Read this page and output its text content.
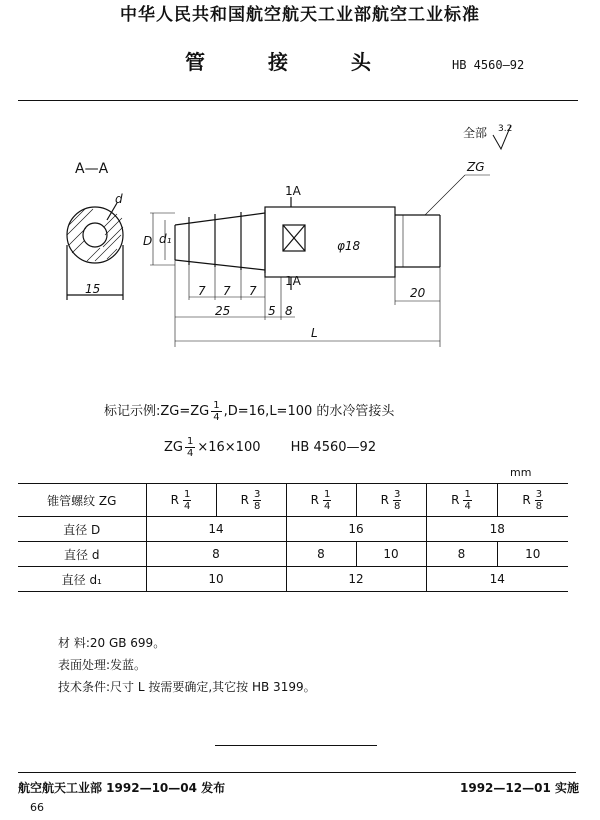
中华人民共和国航空航天工业部航空工业标准
管 接 头	HB 4560—92
A—A
全部 3.2
ZG
d
D d₁	φ18
1A
1A
15	7 7 7
25	5 8
L
20
标记示例:ZG=ZG $\frac{1}{4} ,D=16,L=100$ 的水冷管接头
ZG $\frac{1}{4} \times 16\times 100$ HB 4560—92
mm
锥管螺纹 ZG	R $\frac{1}{4}$	R $\frac{3}{8}$	R $\frac{1}{4}$	R $\frac{3}{8}$	R $\frac{1}{4}$	R $\frac{3}{8}$

直径 D	14		16		18	
直径 d	8		8	10	8	10
直径 d₁	10		12		14	
材 料:20 GB 699。
表面处理:发蓝。
技术条件:尺寸 L 按需要确定,其它按 HB 3199。
航空航天工业部 1992—10—04 发布	1992—12—01 实施
66
